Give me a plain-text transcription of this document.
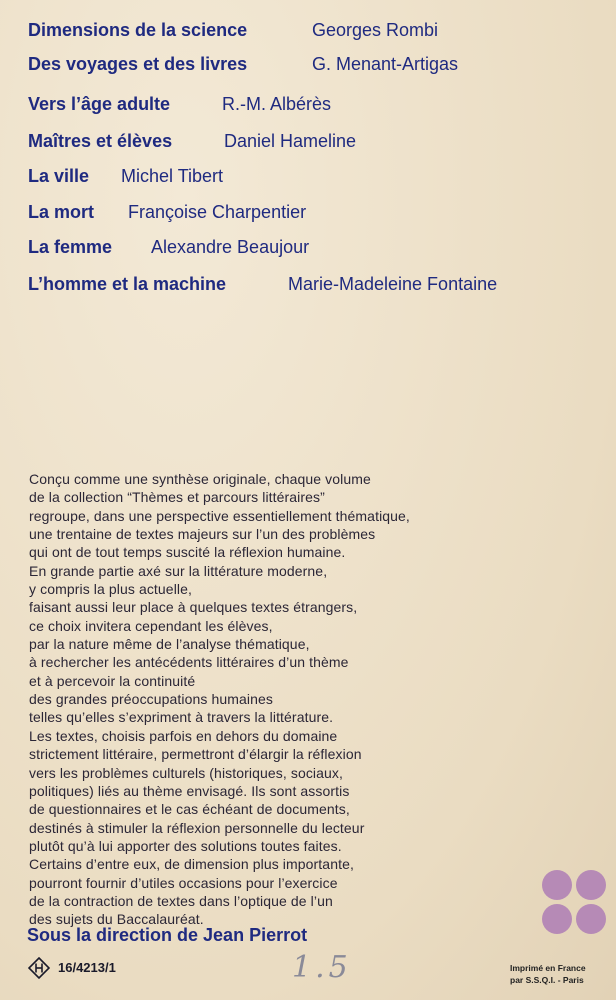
Dimensions de la science	Georges Rombi
Des voyages et des livres	G. Menant-Artigas
Vers l’âge adulte	R.-M. Albérès
Maîtres et élèves	Daniel Hameline
La ville Michel Tibert
La mort Françoise Charpentier
La femme Alexandre Beaujour
L’homme et la machine	Marie-Madeleine Fontaine
Conçu comme une synthèse originale, chaque volume
de la collection “Thèmes et parcours littéraires”
regroupe, dans une perspective essentiellement thématique,
une trentaine de textes majeurs sur l’un des problèmes
qui ont de tout temps suscité la réflexion humaine.
En grande partie axé sur la littérature moderne,
y compris la plus actuelle,
faisant aussi leur place à quelques textes étrangers,
ce choix invitera cependant les élèves,
par la nature même de l’analyse thématique,
à rechercher les antécédents littéraires d’un thème
et à percevoir la continuité
des grandes préoccupations humaines
telles qu’elles s’expriment à travers la littérature.
Les textes, choisis parfois en dehors du domaine
strictement littéraire, permettront d’élargir la réflexion
vers les problèmes culturels (historiques, sociaux,
politiques) liés au thème envisagé. Ils sont assortis
de questionnaires et le cas échéant de documents,
destinés à stimuler la réflexion personnelle du lecteur
plutôt qu’à lui apporter des solutions toutes faites.
Certains d’entre eux, de dimension plus importante,
pourront fournir d’utiles occasions pour l’exercice
de la contraction de textes dans l’optique de l’un
des sujets du Baccalauréat.
Sous la direction de Jean Pierrot
16/4213/1	1.5	Imprimé en France
par S.S.Q.I. - Paris
